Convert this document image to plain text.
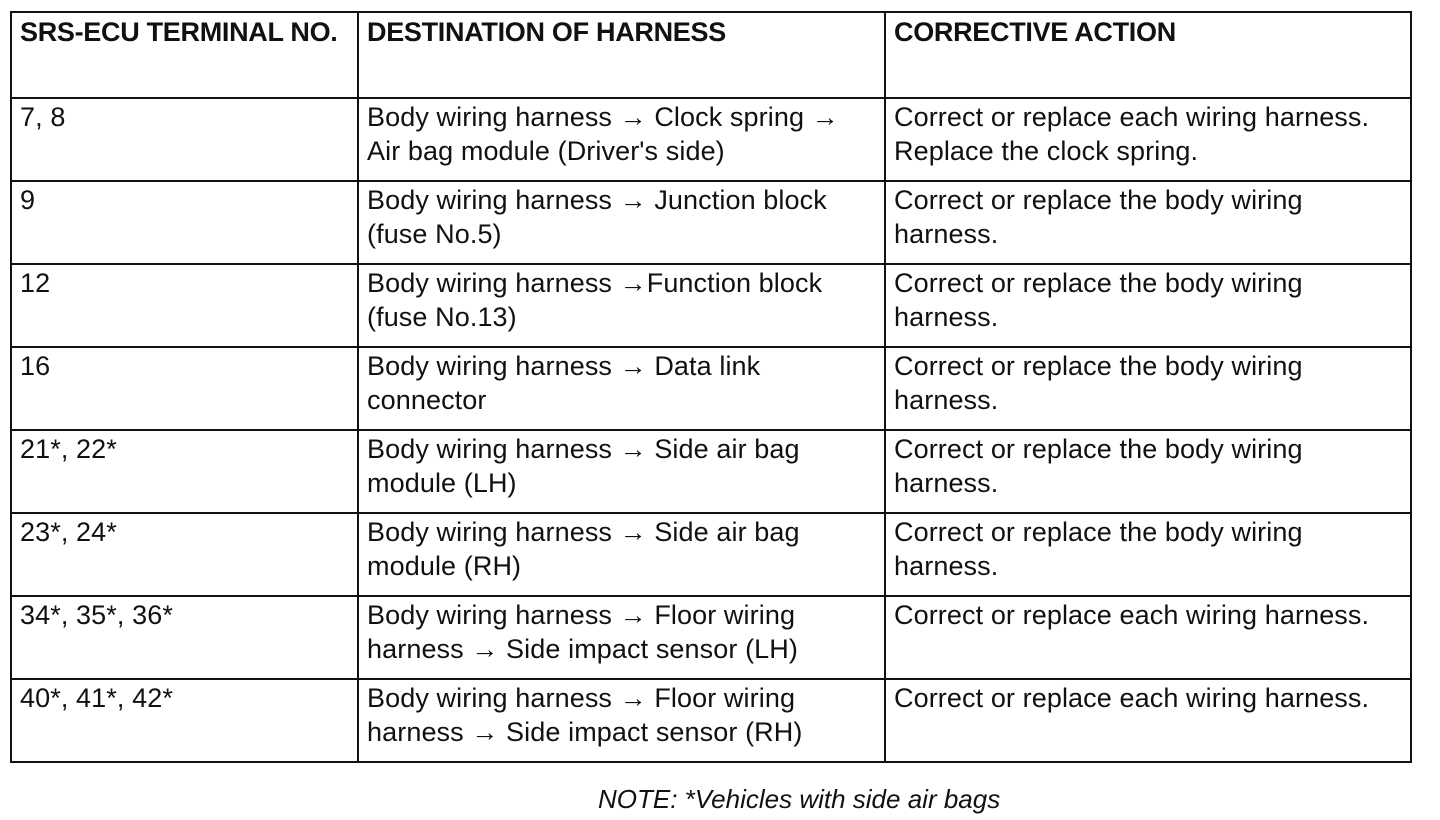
SRS-ECU TERMINAL NO.	DESTINATION OF HARNESS	CORRECTIVE ACTION
7, 8	Body wiring harness → Clock spring → Air bag module (Driver's side)	Correct or replace each wiring harness. Replace the clock spring.
9	Body wiring harness → Junction block (fuse No.5)	Correct or replace the body wiring harness.
12	Body wiring harness →Function block (fuse No.13)	Correct or replace the body wiring harness.
16	Body wiring harness → Data link connector	Correct or replace the body wiring harness.
21*, 22*	Body wiring harness → Side air bag module (LH)	Correct or replace the body wiring harness.
23*, 24*	Body wiring harness → Side air bag module (RH)	Correct or replace the body wiring harness.
34*, 35*, 36*	Body wiring harness → Floor wiring harness → Side impact sensor (LH)	Correct or replace each wiring harness.
40*, 41*, 42*	Body wiring harness → Floor wiring harness → Side impact sensor (RH)	Correct or replace each wiring harness.
NOTE: *Vehicles with side air bags
